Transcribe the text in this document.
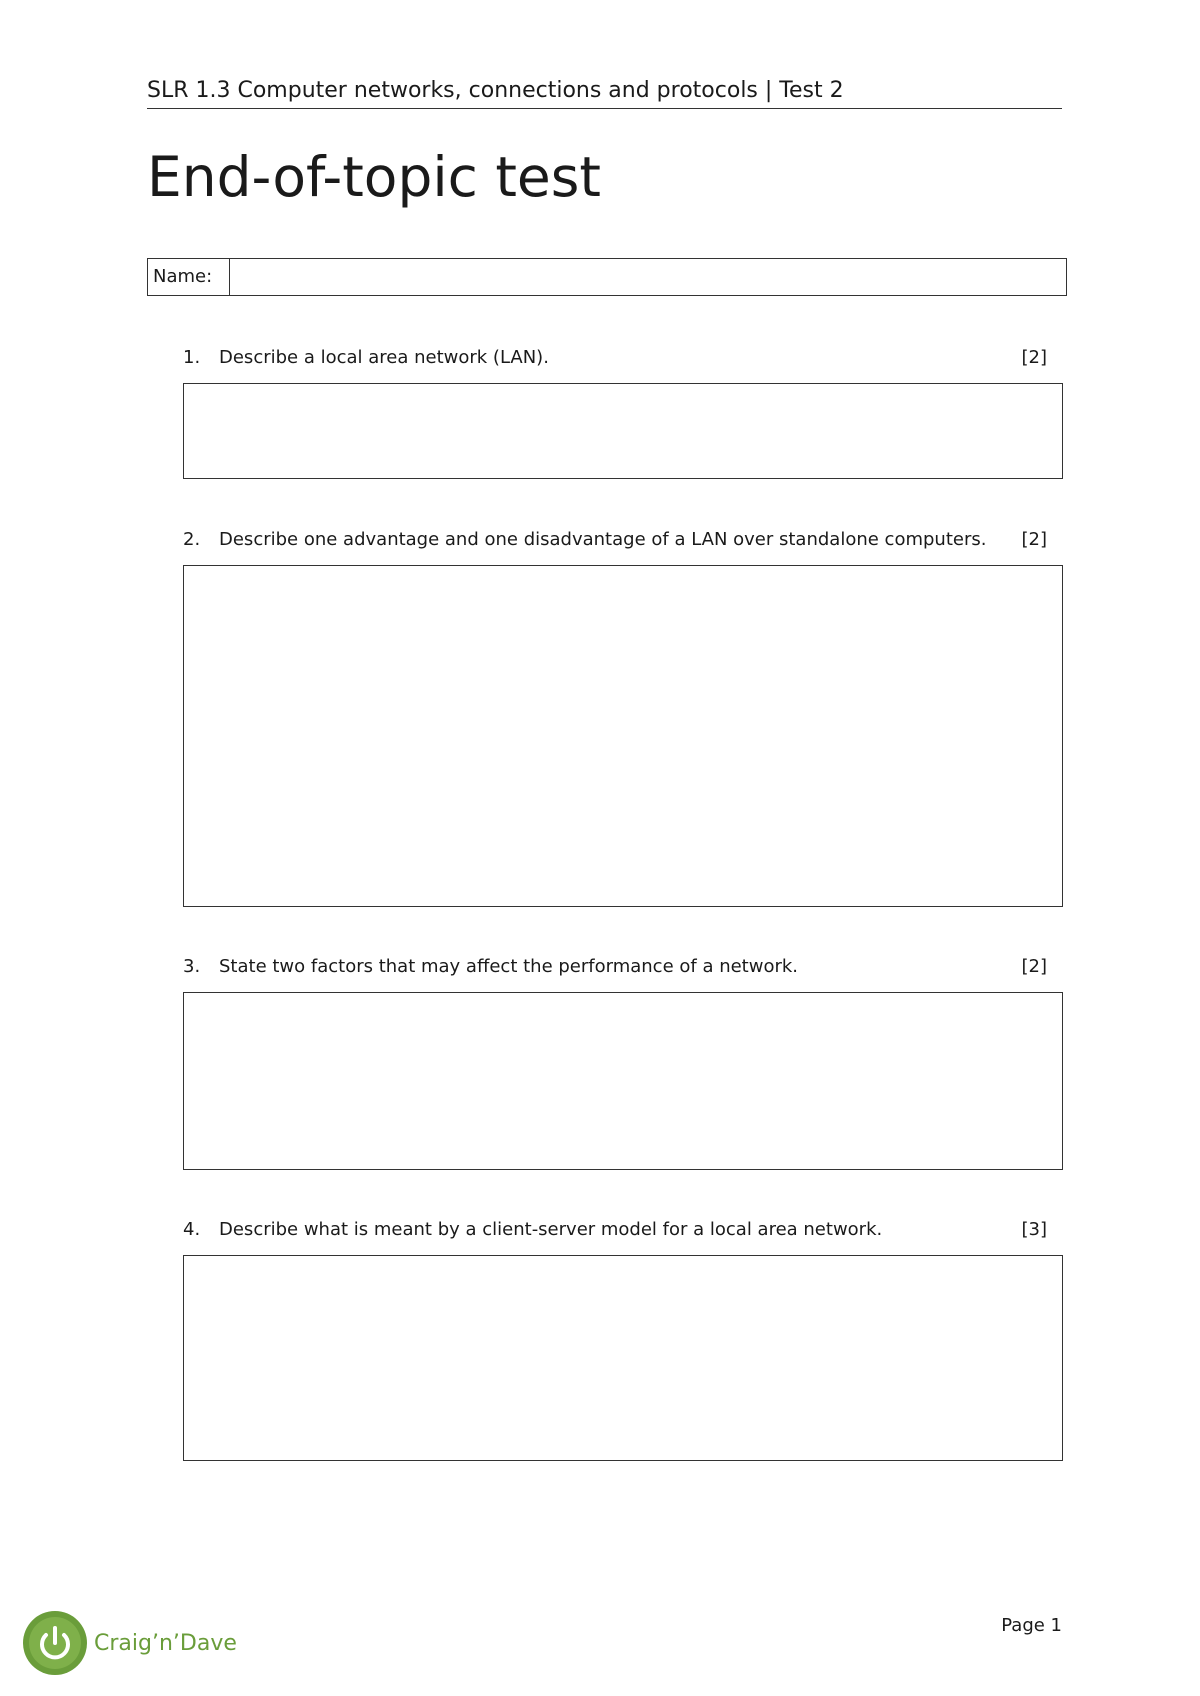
SLR 1.3 Computer networks, connections and protocols | Test 2
End-of-topic test
Name:
1. Describe a local area network (LAN).	[2]
2. Describe one advantage and one disadvantage of a LAN over standalone computers. [2]
3. State two factors that may affect the performance of a network.	[2]
4. Describe what is meant by a client-server model for a local area network.	[3]
Page 1
Craig’n’Dave
